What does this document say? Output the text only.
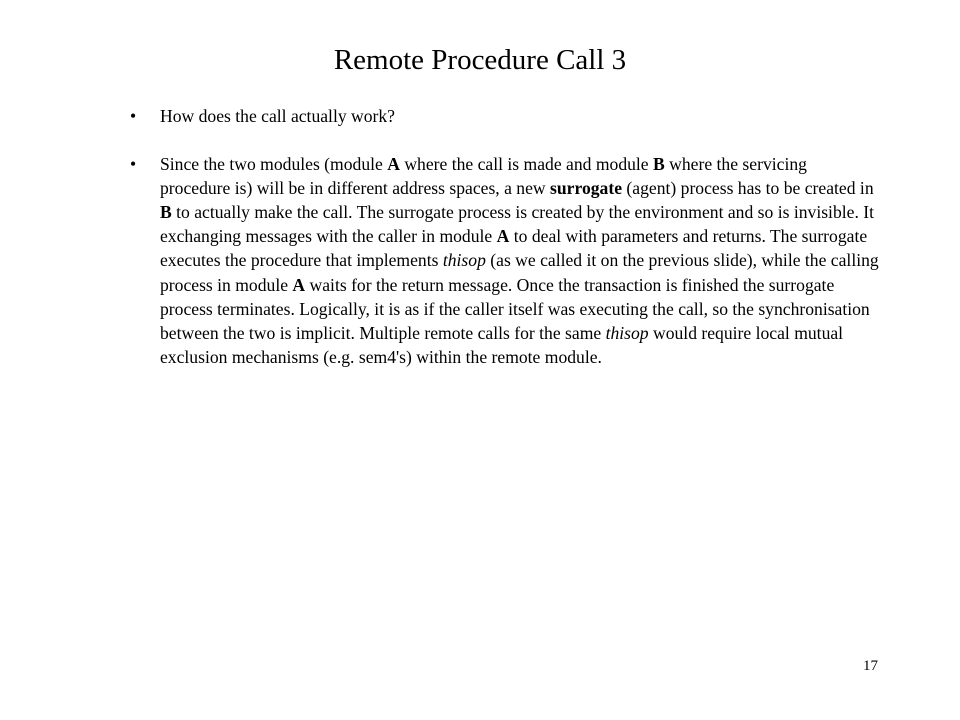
Remote Procedure Call 3
•	How does the call actually work?
•	Since the two modules (module A where the call is made and module B where the servicing procedure is) will be in different address spaces, a new surrogate (agent) process has to be created in B to actually make the call. The surrogate process is created by the environment and so is invisible. It exchanging messages with the caller in module A to deal with parameters and returns. The surrogate executes the procedure that implements thisop (as we called it on the previous slide), while the calling process in module A waits for the return message. Once the transaction is finished the surrogate process terminates. Logically, it is as if the caller itself was executing the call, so the synchronisation between the two is implicit. Multiple remote calls for the same thisop would require local mutual exclusion mechanisms (e.g. sem4's) within the remote module.
17
